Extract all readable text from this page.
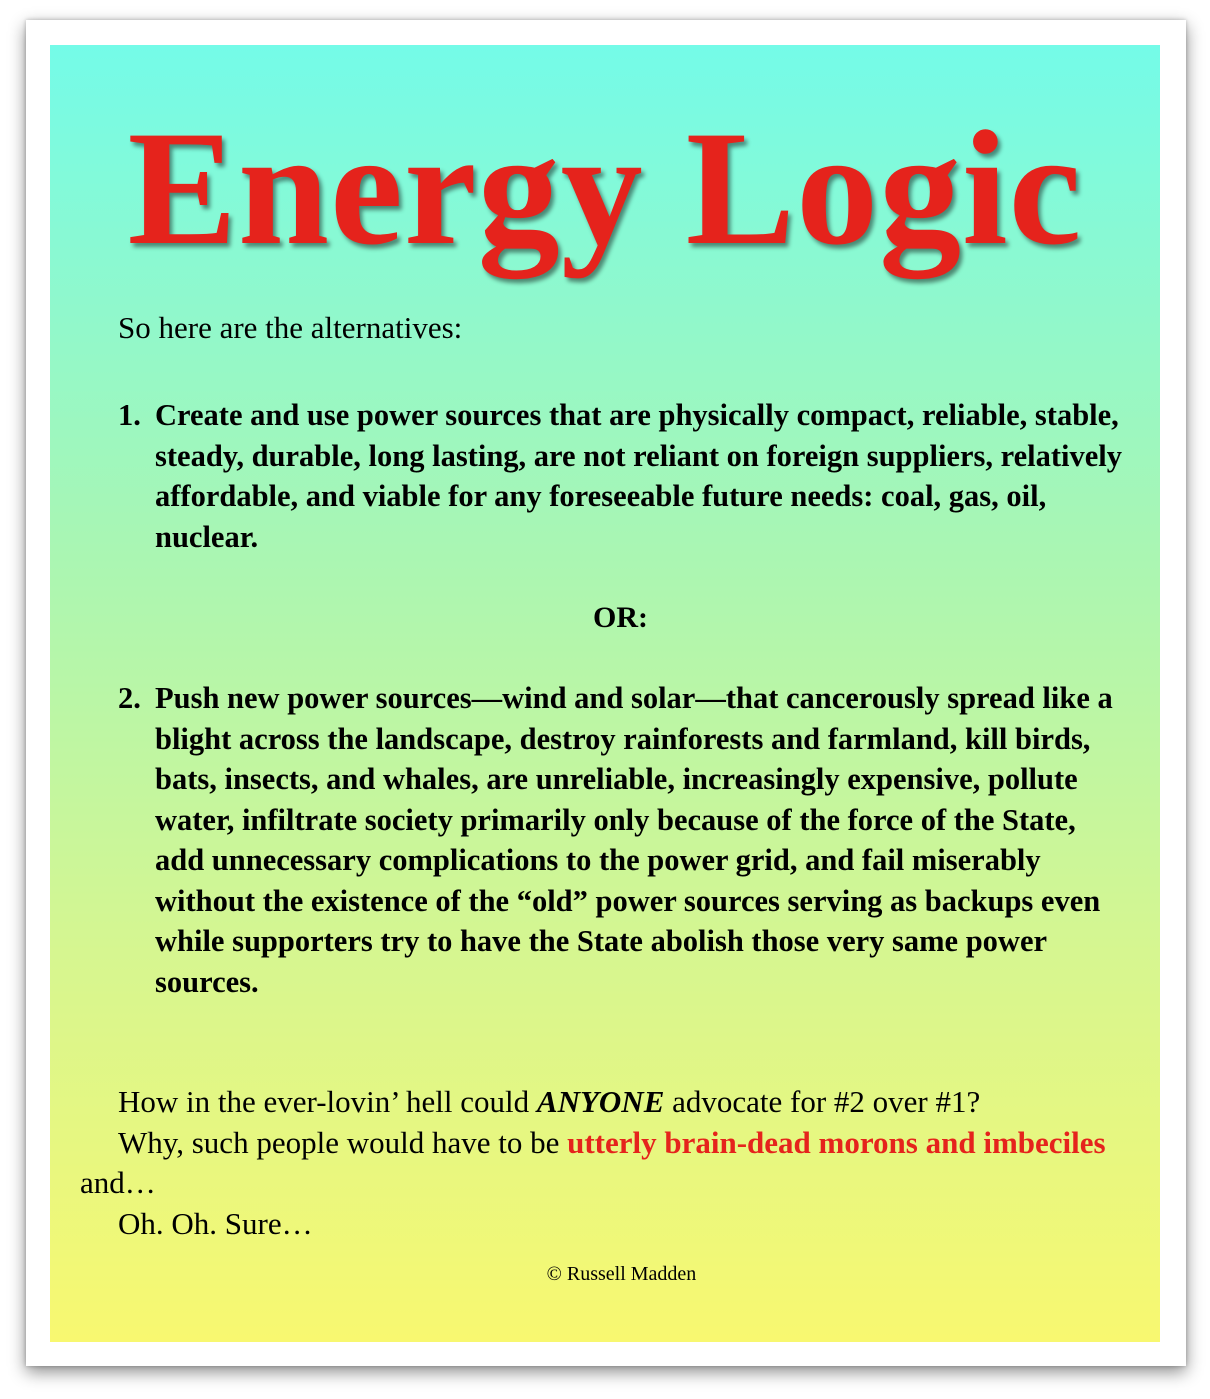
Energy Logic
So here are the alternatives:
1. Create and use power sources that are physically compact, reliable, stable, steady, durable, long lasting, are not reliant on foreign suppliers, relatively affordable, and viable for any foreseeable future needs: coal, gas, oil, nuclear.
OR:
2. Push new power sources—wind and solar—that cancerously spread like a blight across the landscape, destroy rainforests and farmland, kill birds, bats, insects, and whales, are unreliable, increasingly expensive, pollute water, infiltrate society primarily only because of the force of the State, add unnecessary complications to the power grid, and fail miserably without the existence of the “old” power sources serving as backups even while supporters try to have the State abolish those very same power sources.

How in the ever-lovin’ hell could ANYONE advocate for #2 over #1?

Why, such people would have to be utterly brain-dead morons and imbeciles and…

Oh. Oh. Sure…

© Russell Madden
